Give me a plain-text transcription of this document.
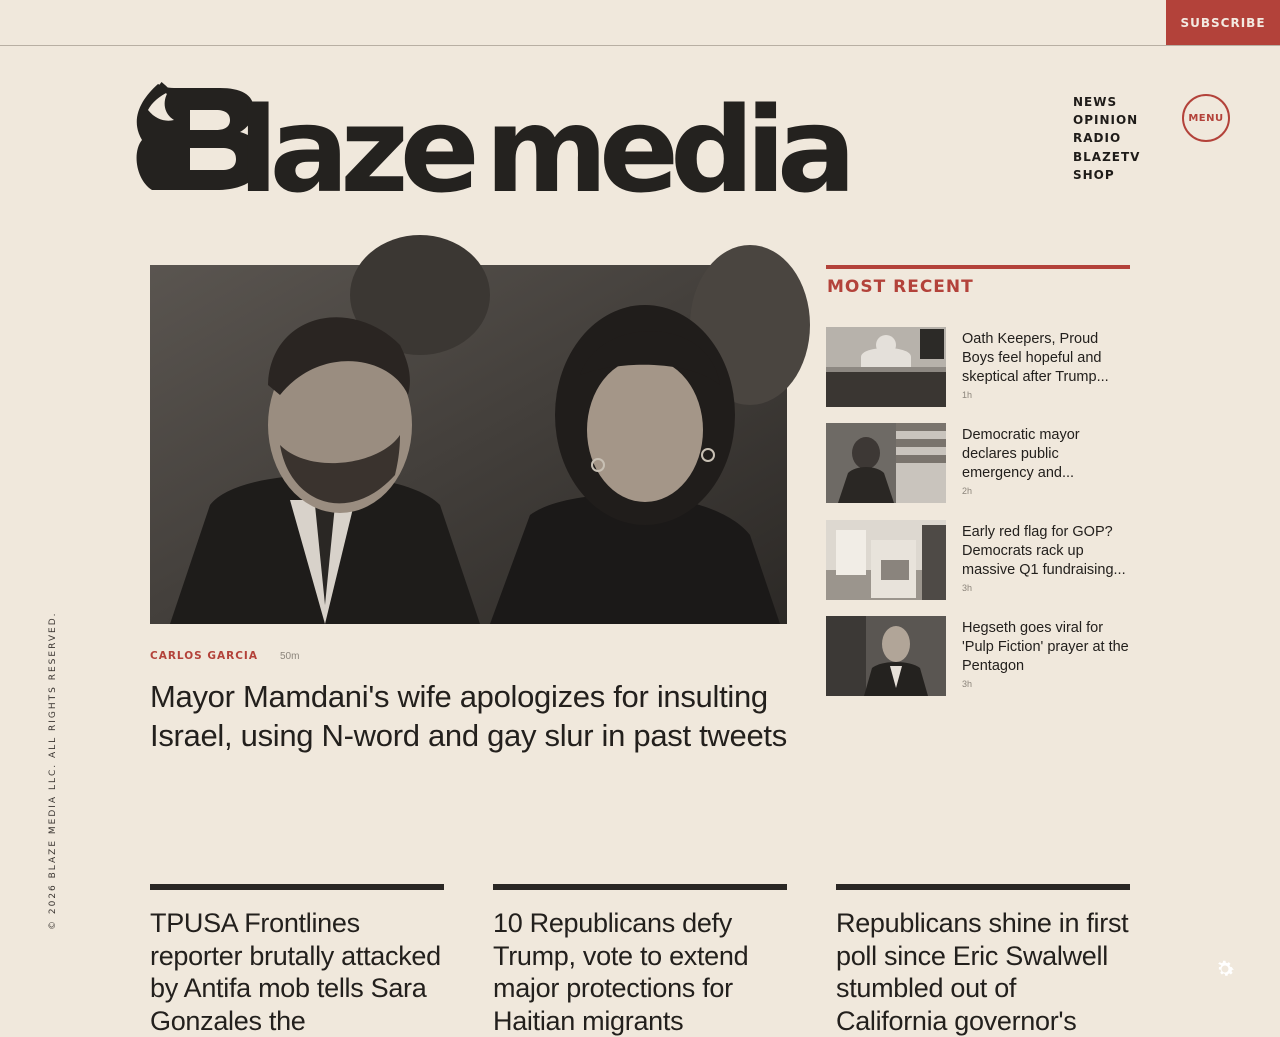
SUBSCRIBE
laze media	NEWS
OPINION
RADIO
BLAZETV
SHOP
MENU
CARLOS GARCIA 50m
Mayor Mamdani's wife apologizes for insulting Israel, using N-word and gay slur in past tweets
MOST RECENT
Oath Keepers, Proud Boys feel hopeful and skeptical after Trump...
1h
Democratic mayor declares public emergency and...
2h
Early red flag for GOP? Democrats rack up massive Q1 fundraising...
3h
Hegseth goes viral for 'Pulp Fiction' prayer at the Pentagon
3h
© 2026 BLAZE MEDIA LLC. ALL RIGHTS RESERVED.	TPUSA Frontlines reporter brutally attacked by Antifa mob tells Sara Gonzales the
10 Republicans defy Trump, vote to extend major protections for Haitian migrants
Republicans shine in first poll since Eric Swalwell stumbled out of California governor's
